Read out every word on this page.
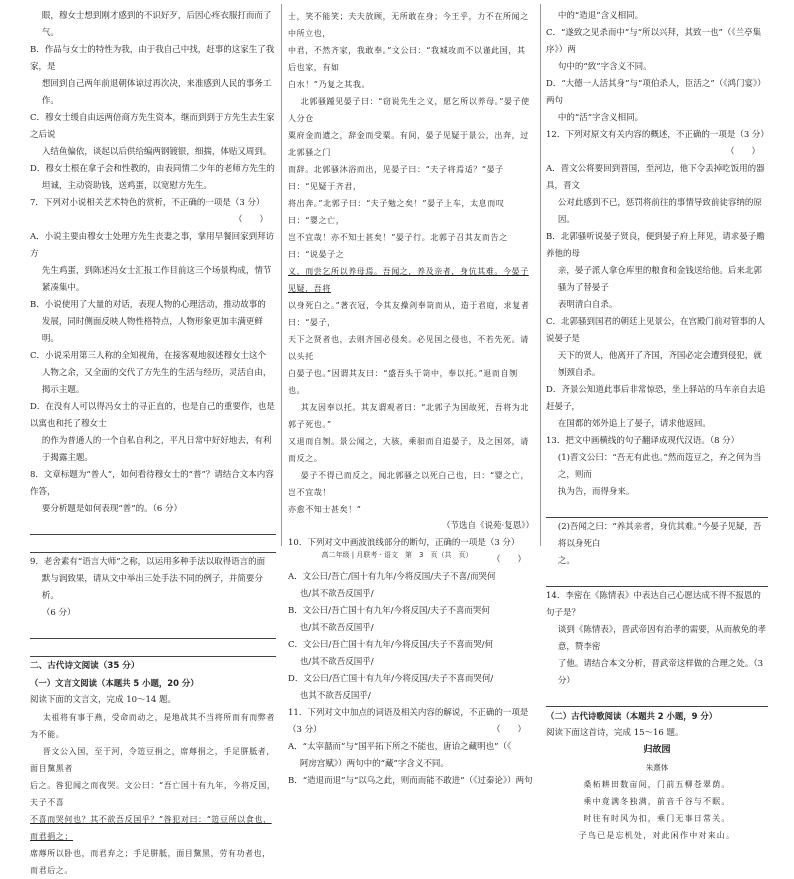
眼，穆女士想到刚才感到的不识好歹，后因心疼衣服打而而了气。

B．作品与女士的特性为我，由于我自己中找，赶事的这家生了我家，是

想回到自己两年前退朝体谅过再次决，来准感到人民的事务工作。

C．穆女士缓自由远两倍商方先生资本，继而到到于方先生去生家之后说

入结鱼偏依，谈起以后供给编两钢镀银，细揣，体贴又周到。

D．穆女士根在拿子会和性教的，由表同情二少年的老师方先生的

坦诚，主动资助钱，送鸡蛋，以宽慰方先生。

7．下列对小说相关艺术特色的赏析，不正确的一项是（3 分）

（　　）

A．小说主要由穆女士处理方先生丧妻之事，掌用早餐回家到拜访方

先生鸡蛋，到陈述冯女士汇报工作目前这三个场景构成，情节

紧凑集中。

B．小说使用了大量的对话，表现人物的心理活动，推动故事的

发展，同时侧面反映人物性格特点，人物形象更加丰满更鲜明。

C．小说采用第三人称的全知视角，在接客观地叙述穆女士这个

人物之余，又全面的交代了方先生的生活与经历，灵活自由，揭示主题。

D．在没有人可以得冯女士的寻正直的，也是自己的重要作，也是以寓也和托了穆女士

的作为普通人的一个自私自利之，平凡日常中好好地去，有利于揭露主题。

8．文章标题为“普人”，如何看待穆女士的“普”？请结合文本内容作答，

要分析题是如何表现“普”的。（6 分）

9．老舍素有“语言大师”之称，以运用多种手法以取得语言的面

默与润致果，请从文中举出三处手法不同的例子，并简要分析。

（6 分）

二、古代诗文阅读（35 分）

（一）文言文阅读（本题共 5 小题，20 分）

阅读下面的文言文，完成 10～14 题。

太祖将有事于燕，受命而动之，是地战其不当将所而有而弊者为不能。

晋文公入国，至于河，令笾豆捐之，席蓐捐之，手足胼胝者，面目黧黑者

后之。咎犯闻之而夜哭。文公曰：“吾亡国十有九年，今将反国，夫子不喜

不喜而哭何也？其不欲吾反国乎？”咎犯对曰：“笾豆所以食也，而君捐之；

席蓐所以卧也，而君弃之；手足胼胝，面目黧黑，劳有功者也，而君后之。

士，笑不能笑；夫夫放顾，无所敢在身；今王乎，力不在所闻之中所立也，

中君，不然齐家，我敢奉。”文公曰：“我城攻而不以谨此国，其后也家，有如

白水！”乃复之其我。

北郭骚踵见晏子曰：“窃说先生之义，愿乞所以养母。”晏子使人分仓

粟府金而遗之，辞金而受粟。有间，晏子见疑于景公，出奔，过北郭骚之门

而辞。北郭骚沐浴而出，见晏子曰：“夫子将焉适？”晏子曰：“见疑于齐君，

将出奔。”北郭子曰：“夫子勉之矣！”晏子上车，太息而叹曰：“婴之亡，

岂不宜哉！亦不知士甚矣！”晏子行。北郭子召其友而告之曰：“说晏子之

义，而尝乞所以养母焉。吾闻之，养及亲者，身伉其难。今晏子见疑，吾将

以身死白之。”著衣冠，令其友操剑奉笥而从，造于君庭，求复者曰：“晏子，

天下之贤者也，去则齐国必侵矣。必见国之侵也，不若先死。请以头托

白晏子也。”因谓其友曰：“盛吾头于笥中，奉以托。”退而自刎也。

其友因奉以托。其友谓观者曰：“北郭子为国故死，吾将为北郭子死也。”

又退而自刎。景公闻之，大骇，乘驲而自追晏子，及之国郊，请而反之。

晏子不得已而反之，闻北郭骚之以死白己也，曰：“婴之亡，岂不宜哉！

亦愈不知士甚矣！”

（节选自《说苑·复恩》）

10．下列对文中画波浪线部分的断句，正确的一项是（3 分）

（　　）

A．文公曰/吾亡/国十有九年/今将反国/夫子不喜/而哭何

也/其不欲吾反国乎/

B．文公曰/吾亡国十有九年/今将反国/夫子不喜而哭何

也/其不欲吾反国乎/

C．文公曰/吾亡国十有九年/今将反国/夫子不喜而哭/何

也/其不欲吾反国乎/

D．文公曰/吾亡国十有九年/今将反国/夫子不喜而哭何/

也其不欲吾反国乎/

11．下列对文中加点的词语及相关内容的解说，不正确的一项是

（3 分）	（　　）

A．“太宰嚭而”与“国平拓下所之不能也，唐诒之藏明也”（《

阿房宫赋》）两句中的“藏”字含义不同。

B．“造退而退”与“以乌之此，则而而能不敢进”（《过秦论》）两句

中的“造退”含义相同。

C．“遂致之见杀而中”与“所以兴拜，其致一也”（《兰亭集序》）两

句中的“致”字含义不同。

D．“大德一人活其身”与“项伯杀人，臣活之”（《鸿门宴》）两句

中的“活”字含义相同。

12．下列对原文有关内容的概述，不正确的一项是（3 分）

（　　）

A．晋文公将要回到晋国，至河边，他下令丢掉吃饭用的器具，晋文

公对此感到不已，惩罚将前往的事情导致前徒容纳的原因。

B．北郭骚听说晏子贤良，便到晏子府上拜见，请求晏子赡养他的母

亲，晏子派人拿仓库里的粮食和金钱送给他。后来北郭骚为了替晏子

表明清白自杀。

C．北郭骚到国君的朝廷上见景公，在宫殿门前对管事的人说晏子是

天下的贤人，他离开了齐国，齐国必定会遭到侵犯，就刎颈自杀。

D．齐景公知道此事后非常惊恐，坐上驿站的马车亲自去追赶晏子，

在国都的郊外追上了晏子，请求他返回。

13．把文中画横线的句子翻译成现代汉语。（8 分）

(1)晋文公曰：“吾无有此也。”然而笾豆之，弃之何为当之，则而

执为告，而得身来。

(2)吾闻之曰：“养其亲者，身伉其难。”今晏子见疑，吾将以身死白

之。

14．李密在《陈情表》中表达自己心愿达成不得不报恩的句子是？

谈到《陈情表》，晋武帝因有治孝的需要，从而赦免的孝意，赞李密

了他。请结合本文分析，晋武帝这样做的合理之处。（3 分）

（二）古代诗歌阅读（本题共 2 小题，9 分）

阅读下面这首诗，完成 15～16 题。

归故园

朱熹体

桑柘耕田数亩间，门前五柳苍翠荫。

乘中竟满冬独满，前音千谷与不眠。

时往有时风为扣，乘门无事日常关。

子鸟已是忘机处，对此闲作中对来山。

高二年级 | 月联考 · 语文　第　3　页（共　页）
